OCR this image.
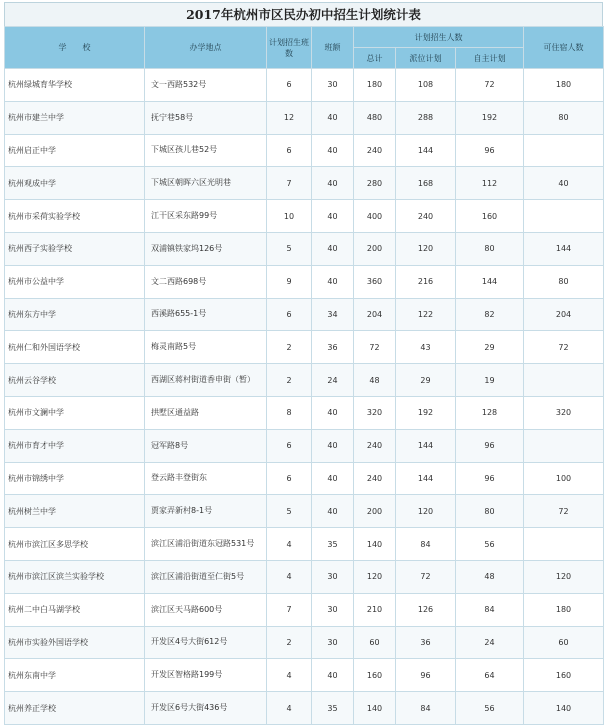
2017年杭州市区民办初中招生计划统计表
学　　校	办学地点	计划招生班数	班额	计划招生人数			可住宿人数
				总计	派位计划	自主计划	
杭州绿城育华学校	文一西路532号	6	30	180	108	72	180
杭州市建兰中学	抚宁巷58号	12	40	480	288	192	80
杭州启正中学	下城区孩儿巷52号	6	40	240	144	96	
杭州观成中学	下城区朝晖六区光明巷	7	40	280	168	112	40
杭州市采荷实验学校	江干区采东路99号	10	40	400	240	160	
杭州西子实验学校	双浦镇铁家坞126号	5	40	200	120	80	144
杭州市公益中学	文二西路698号	9	40	360	216	144	80
杭州东方中学	西溪路655-1号	6	34	204	122	82	204
杭州仁和外国语学校	梅灵南路5号	2	36	72	43	29	72
杭州云谷学校	西湖区蒋村街道香申街（暂）	2	24	48	29	19	
杭州市文澜中学	拱墅区通益路	8	40	320	192	128	320
杭州市育才中学	冠军路8号	6	40	240	144	96	
杭州市锦绣中学	登云路丰登街东	6	40	240	144	96	100
杭州树兰中学	贾家弄新村8-1号	5	40	200	120	80	72
杭州市滨江区多思学校	滨江区浦沿街道东冠路531号	4	35	140	84	56	
杭州市滨江区滨兰实验学校	滨江区浦沿街道至仁街5号	4	30	120	72	48	120
杭州二中白马湖学校	滨江区天马路600号	7	30	210	126	84	180
杭州市实验外国语学校	开发区4号大街612号	2	30	60	36	24	60
杭州东南中学	开发区智格路199号	4	40	160	96	64	160
杭州养正学校	开发区6号大街436号	4	35	140	84	56	140
